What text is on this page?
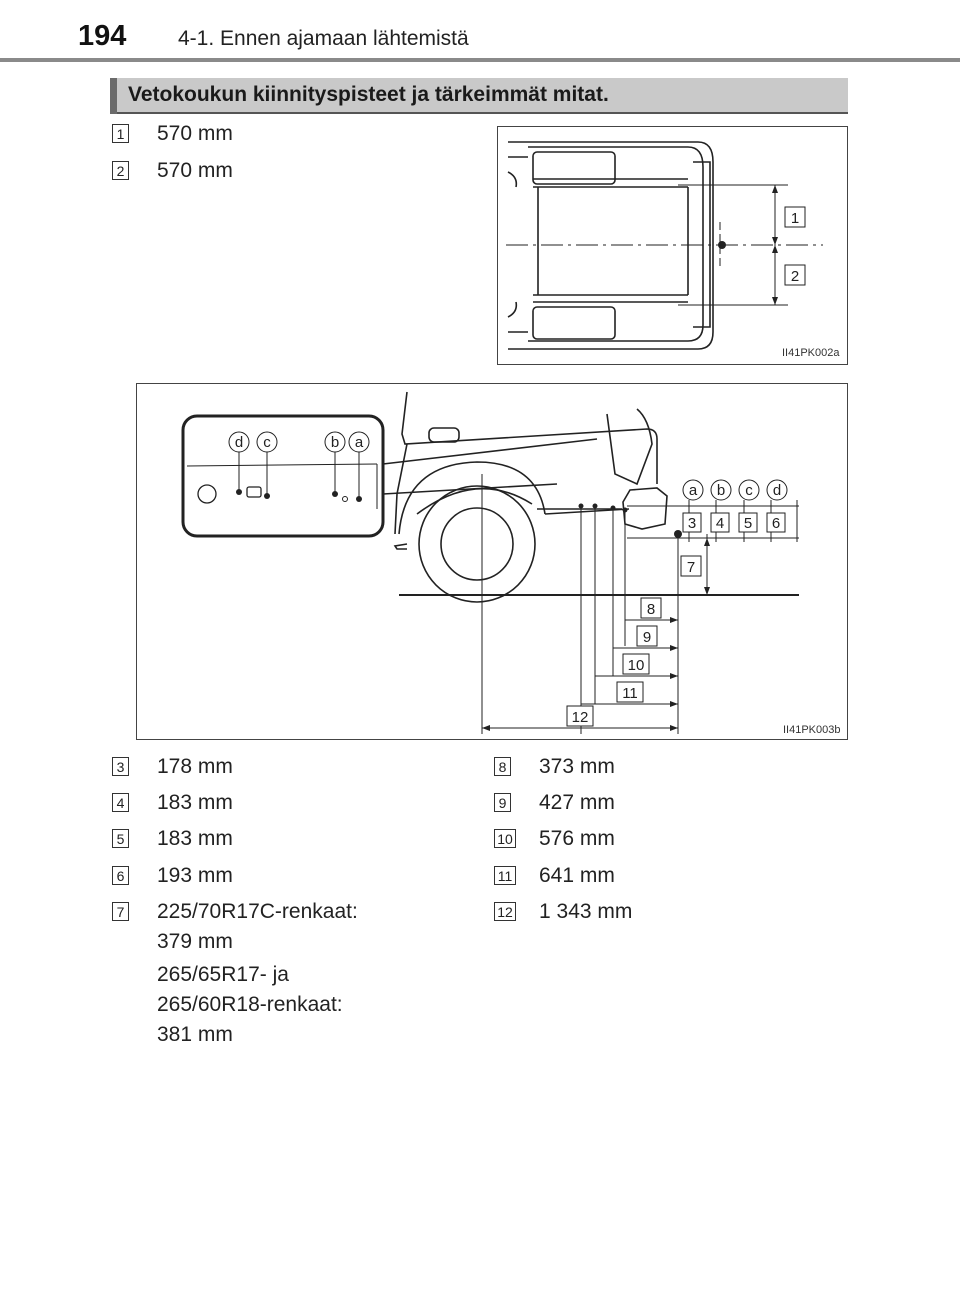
194 4-1. Ennen ajamaan lähtemistä
Vetokoukun kiinnityspisteet ja tärkeimmät mitat.
1 570 mm
2 570 mm
1
2
II41PK002a
d c	b a
a b c d
3 4 5 6
7
8
9
10
11
12
II41PK003b
3 178 mm
4 183 mm
5 183 mm
6 193 mm
7 225/70R17C-renkaat:
379 mm
265/65R17- ja
265/60R18-renkaat:
381 mm
8 373 mm
9 427 mm
10 576 mm
11 641 mm
12 1 343 mm
